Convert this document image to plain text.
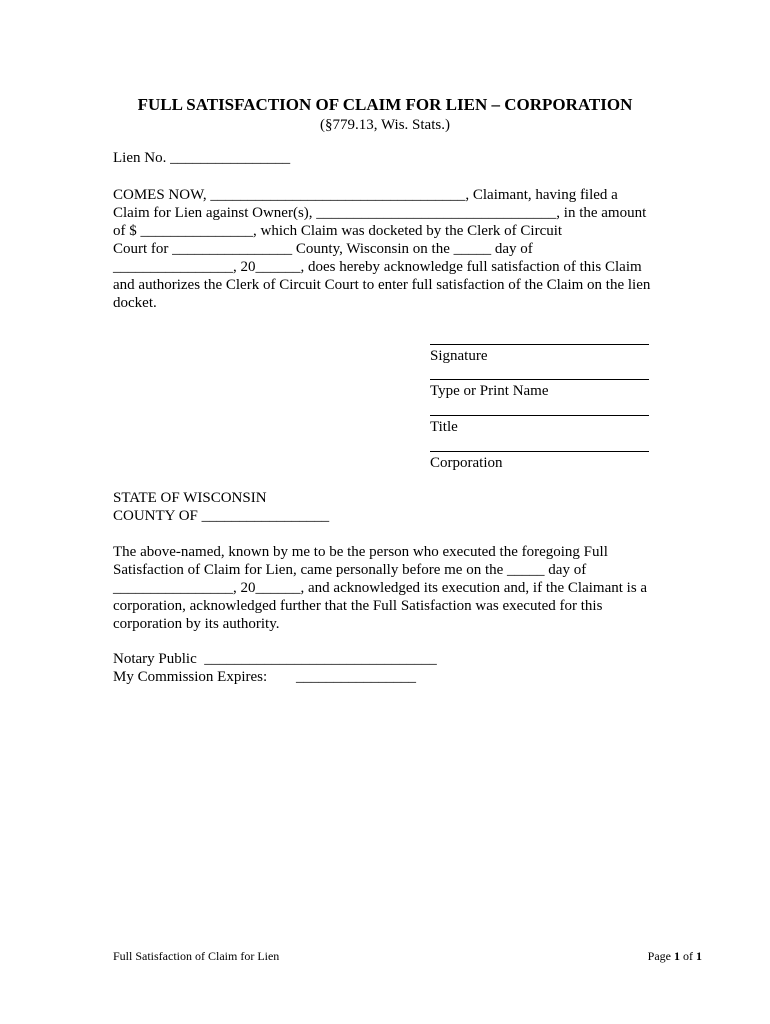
FULL SATISFACTION OF CLAIM FOR LIEN – CORPORATION
(§779.13, Wis. Stats.)
Lien No. ________________
COMES NOW, __________________________________, Claimant, having filed a
Claim for Lien against Owner(s), ________________________________, in the amount
of $ _______________, which Claim was docketed by the Clerk of Circuit
Court for ________________ County, Wisconsin on the _____ day of
________________, 20______, does hereby acknowledge full satisfaction of this Claim
and authorizes the Clerk of Circuit Court to enter full satisfaction of the Claim on the lien
docket.
Signature
Type or Print Name
Title
Corporation
STATE OF WISCONSIN
COUNTY OF _________________
The above-named, known by me to be the person who executed the foregoing Full
Satisfaction of Claim for Lien, came personally before me on the _____ day of
________________, 20______, and acknowledged its execution and, if the Claimant is a
corporation, acknowledged further that the Full Satisfaction was executed for this
corporation by its authority.
Notary Public  _______________________________
My Commission Expires: ________________
Full Satisfaction of Claim for Lien	Page 1 of 1
